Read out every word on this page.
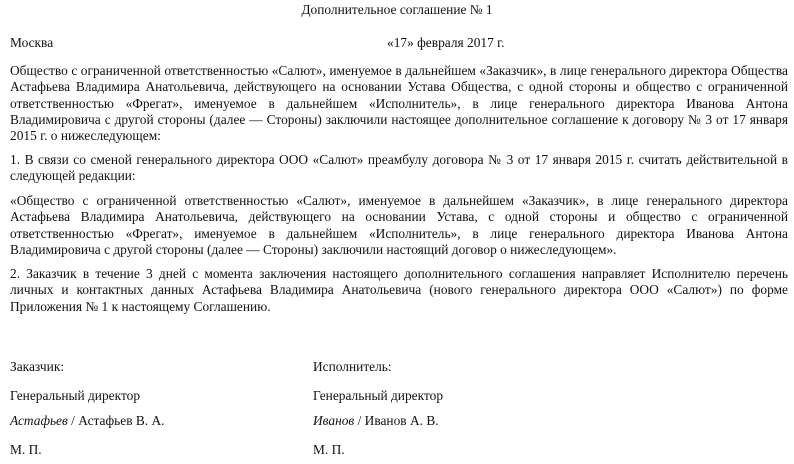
Дополнительное соглашение № 1
Москва	«17» февраля 2017 г.

Общество с ограниченной ответственностью «Салют», именуемое в дальнейшем «Заказчик», в лице генерального директора Общества Астафьева Владимира Анатольевича, действующего на основании Устава Общества, с одной стороны и общество с ограниченной ответственностью «Фрегат», именуемое в дальнейшем «Исполнитель», в лице генерального директора Иванова Антона Владимировича с другой стороны (далее — Стороны) заключили настоящее дополнительное соглашение к договору № 3 от 17 января 2015 г. о нижеследующем:

1. В связи со сменой генерального директора ООО «Салют» преамбулу договора № 3 от 17 января 2015 г. считать действительной в следующей редакции:

«Общество с ограниченной ответственностью «Салют», именуемое в дальнейшем «Заказчик», в лице генерального директора Астафьева Владимира Анатольевича, действующего на основании Устава, с одной стороны и общество с ограниченной ответственностью «Фрегат», именуемое в дальнейшем «Исполнитель», в лице генерального директора Иванова Антона Владимировича с другой стороны (далее — Стороны) заключили настоящий договор о нижеследующем».

2. Заказчик в течение 3 дней с момента заключения настоящего дополнительного соглашения направляет Исполнителю перечень личных и контактных данных Астафьева Владимира Анатольевича (нового генерального директора ООО «Салют») по форме Приложения № 1 к настоящему Соглашению.

Заказчик:
Генеральный директор
Астафьев / Астафьев В. А.
М. П.
Исполнитель:
Генеральный директор
Иванов / Иванов А. В.
М. П.
